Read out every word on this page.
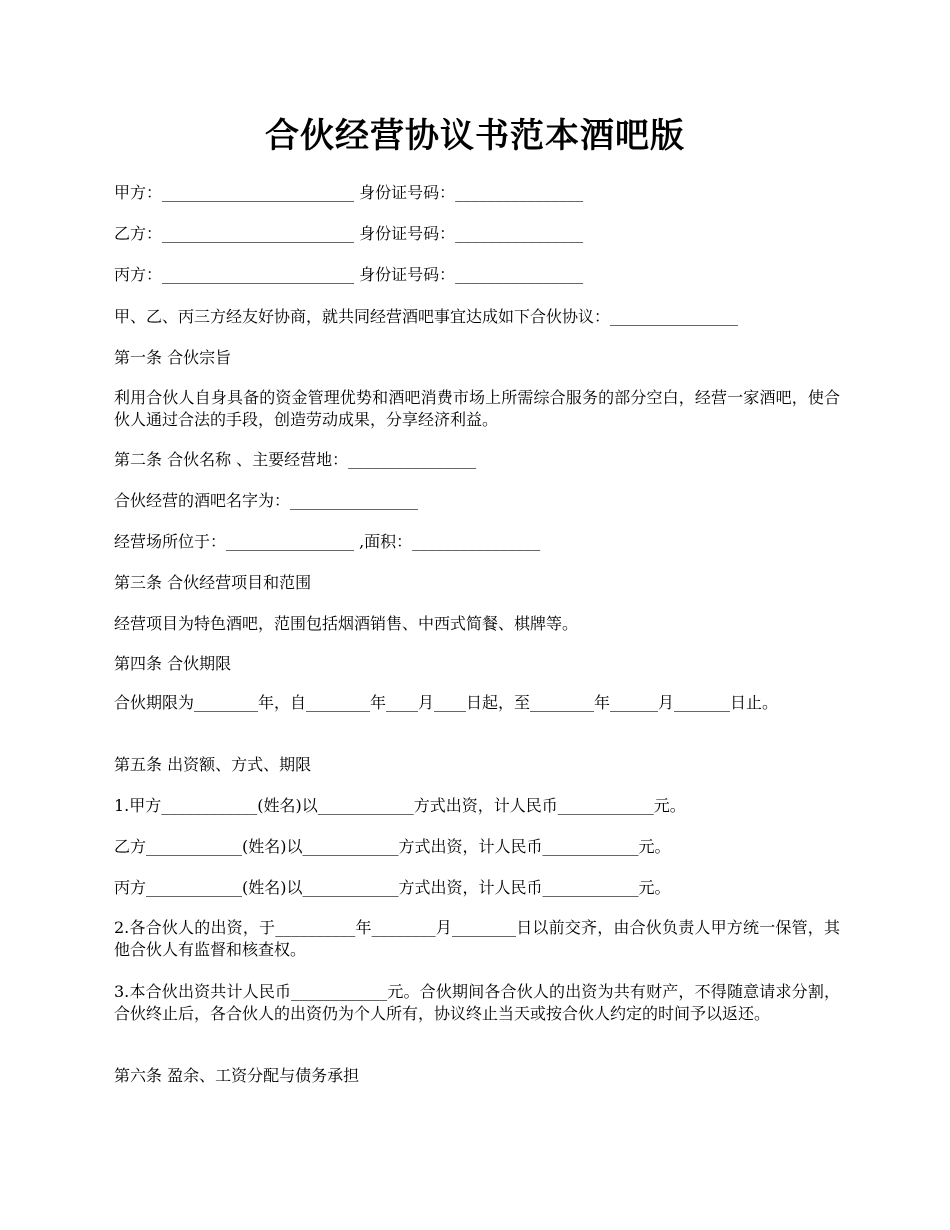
合伙经营协议书范本酒吧版
甲方：________________________ 身份证号码：________________
乙方：________________________ 身份证号码：________________
丙方：________________________ 身份证号码：________________
甲、乙、丙三方经友好协商，就共同经营酒吧事宜达成如下合伙协议：________________
第一条 合伙宗旨
利用合伙人自身具备的资金管理优势和酒吧消费市场上所需综合服务的部分空白，经营一家酒吧，使合伙人通过合法的手段，创造劳动成果，分享经济利益。
第二条 合伙名称 、主要经营地：________________
合伙经营的酒吧名字为：________________
经营场所位于：________________ ,面积：________________
第三条 合伙经营项目和范围
经营项目为特色酒吧，范围包括烟酒销售、中西式简餐、棋牌等。
第四条 合伙期限
合伙期限为________年，自________年____月____日起，至________年______月_______日止。
第五条 出资额、方式、期限
1.甲方____________(姓名)以____________方式出资，计人民币____________元。
乙方____________(姓名)以____________方式出资，计人民币____________元。
丙方____________(姓名)以____________方式出资，计人民币____________元。
2.各合伙人的出资，于__________年________月________日以前交齐，由合伙负责人甲方统一保管，其他合伙人有监督和核查权。
3.本合伙出资共计人民币____________元。合伙期间各合伙人的出资为共有财产，不得随意请求分割，合伙终止后，各合伙人的出资仍为个人所有，协议终止当天或按合伙人约定的时间予以返还。
第六条 盈余、工资分配与债务承担
